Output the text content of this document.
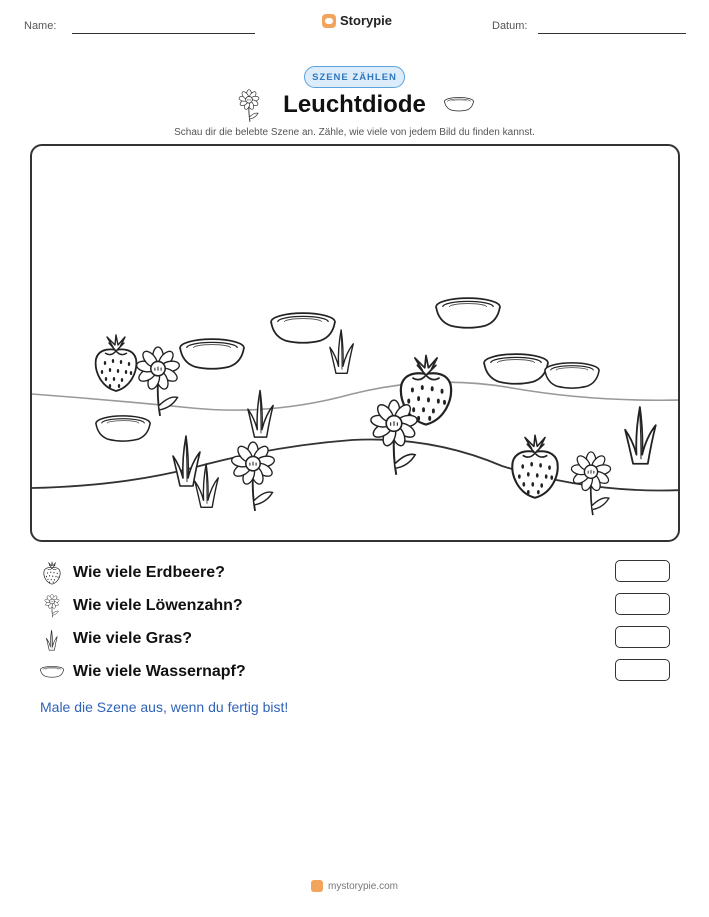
Name:	Storypie	Datum:
SZENE ZÄHLEN
Leuchtdiode
Schau dir die belebte Szene an. Zähle, wie viele von jedem Bild du finden kannst.
Wie viele Erdbeere?
Wie viele Löwenzahn?
Wie viele Gras?
Wie viele Wassernapf?
Male die Szene aus, wenn du fertig bist!
mystorypie.com
